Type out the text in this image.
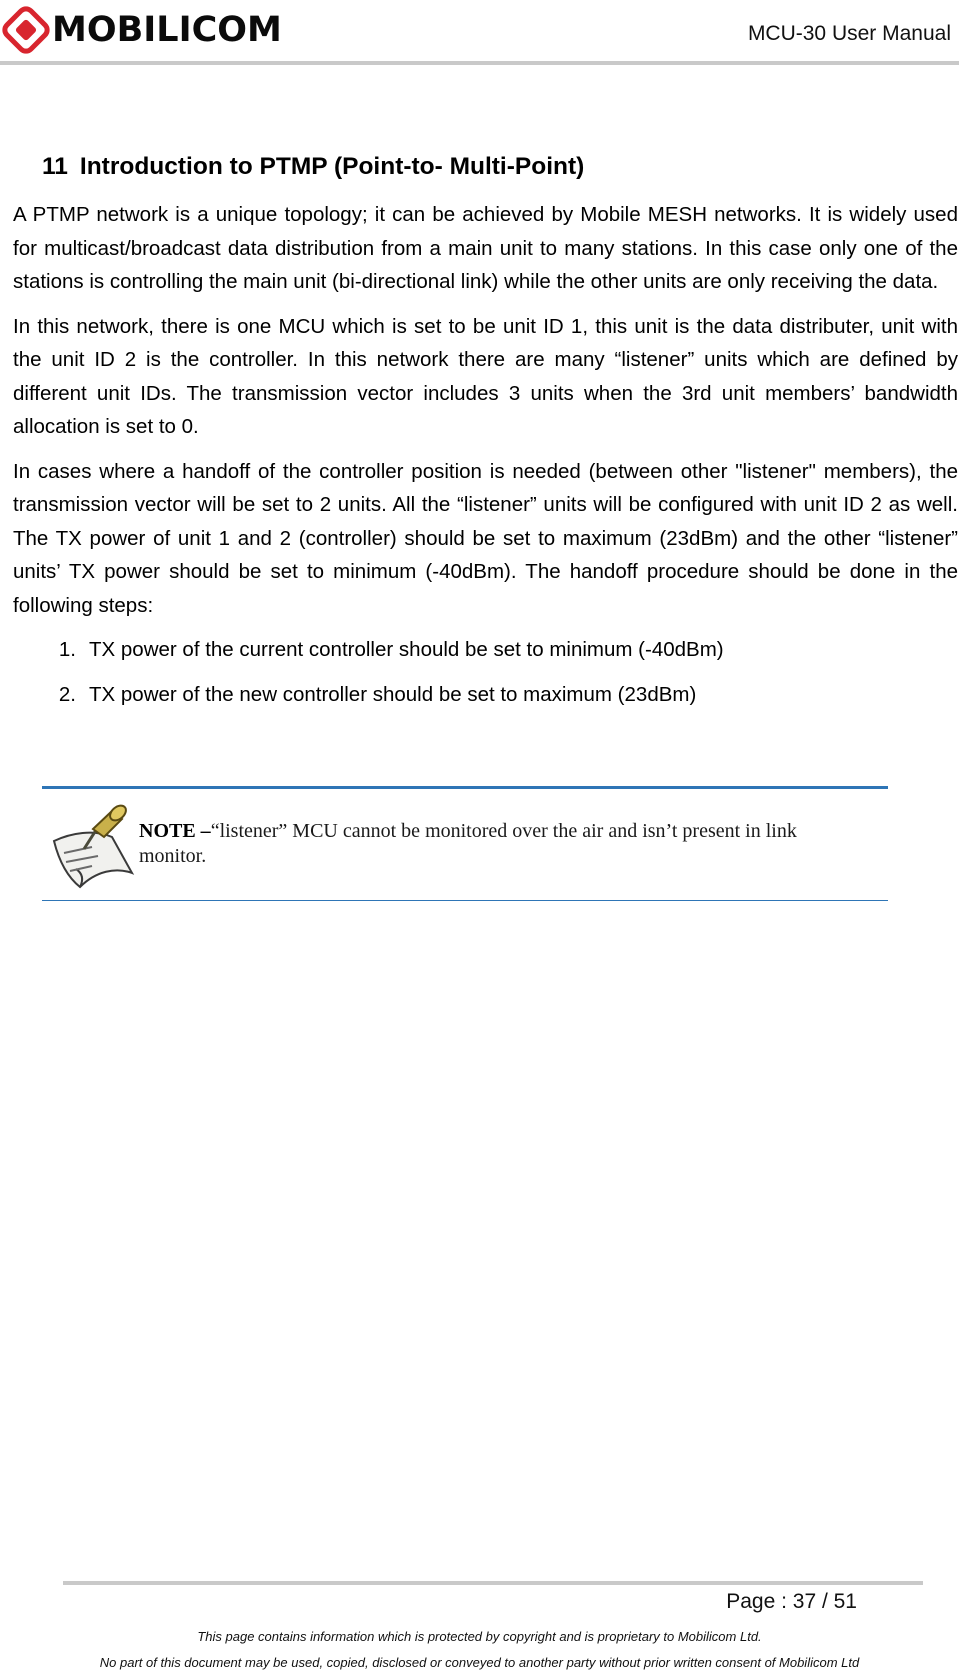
MOBILICOM	MCU-30 User Manual
11 Introduction to PTMP (Point-to- Multi-Point)

A PTMP network is a unique topology; it can be achieved by Mobile MESH networks. It is widely used for multicast/broadcast data distribution from a main unit to many stations. In this case only one of the stations is controlling the main unit (bi-directional link) while the other units are only receiving the data.

In this network, there is one MCU which is set to be unit ID 1, this unit is the data distributer, unit with the unit ID 2 is the controller. In this network there are many “listener” units which are defined by different unit IDs. The transmission vector includes 3 units when the 3rd unit members’ bandwidth allocation is set to 0.

In cases where a handoff of the controller position is needed (between other "listener" members), the transmission vector will be set to 2 units. All the “listener” units will be configured with unit ID 2 as well. The TX power of unit 1 and 2 (controller) should be set to maximum (23dBm) and the other “listener” units’ TX power should be set to minimum (-40dBm). The handoff procedure should be done in the following steps:

1. TX power of the current controller should be set to minimum (-40dBm)
2. TX power of the new controller should be set to maximum (23dBm)
NOTE –“listener” MCU cannot be monitored over the air and isn’t present in link monitor.
Page : 37 / 51
This page contains information which is protected by copyright and is proprietary to Mobilicom Ltd.
No part of this document may be used, copied, disclosed or conveyed to another party without prior written consent of Mobilicom Ltd
